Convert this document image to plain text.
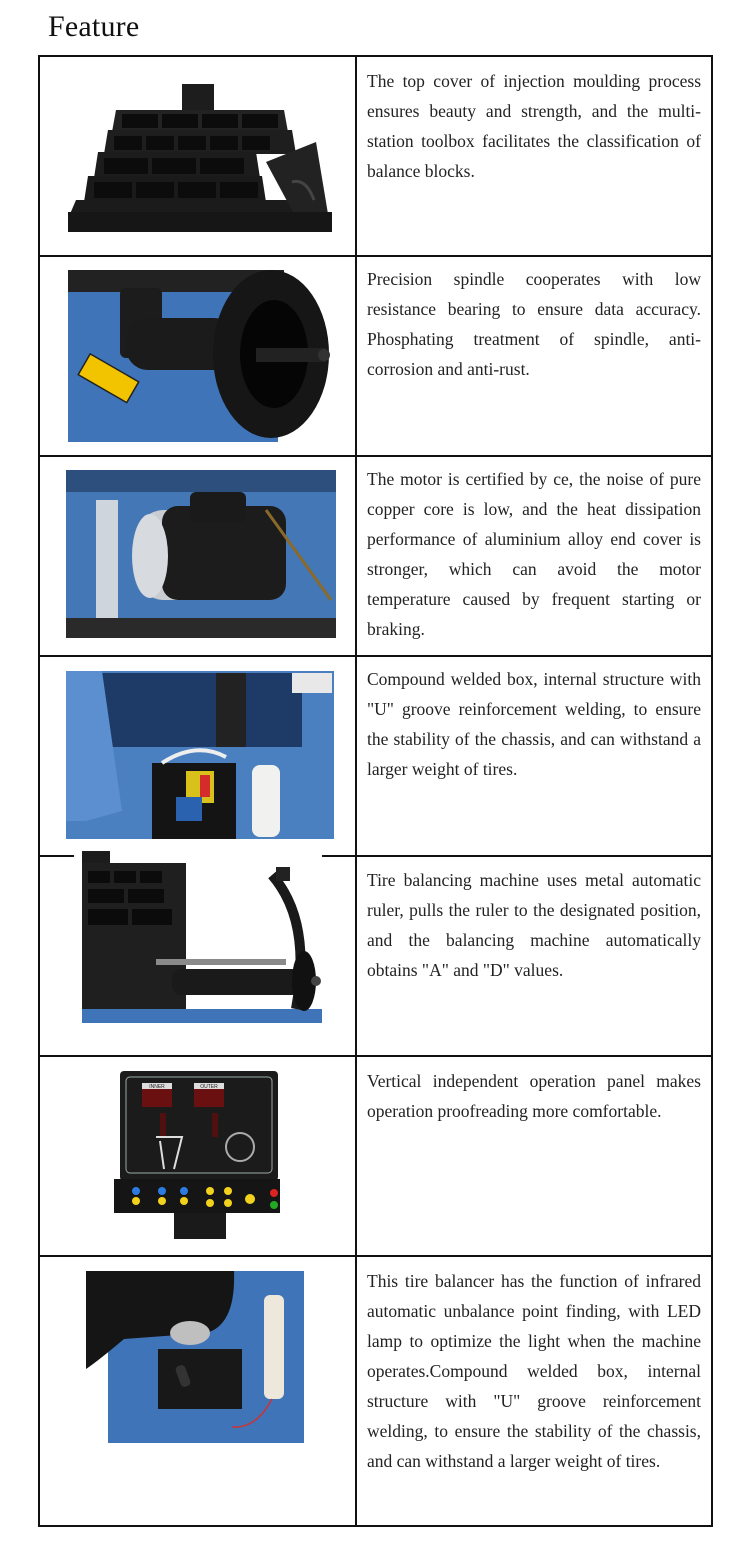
Feature
The top cover of injection moulding process ensures beauty and strength, and the multi-station toolbox facilitates the classification of balance blocks.
Precision spindle cooperates with low resistance bearing to ensure data accuracy. Phosphating treatment of spindle, anti-corrosion and anti-rust.
The motor is certified by ce, the noise of pure copper core is low, and the heat dissipation performance of aluminium alloy end cover is stronger, which can avoid the motor temperature caused by frequent starting or braking.
Compound welded box, internal structure with "U" groove reinforcement welding, to ensure the stability of the chassis, and can withstand a larger weight of tires.
Tire balancing machine uses metal automatic ruler, pulls the ruler to the designated position, and the balancing machine automatically obtains "A" and "D" values.
INNER	OUTER	Vertical independent operation panel makes operation proofreading more comfortable.
This tire balancer has the function of infrared automatic unbalance point finding, with LED lamp to optimize the light when the machine operates.Compound welded box, internal structure with "U" groove reinforcement welding, to ensure the stability of the chassis, and can withstand a larger weight of tires.
